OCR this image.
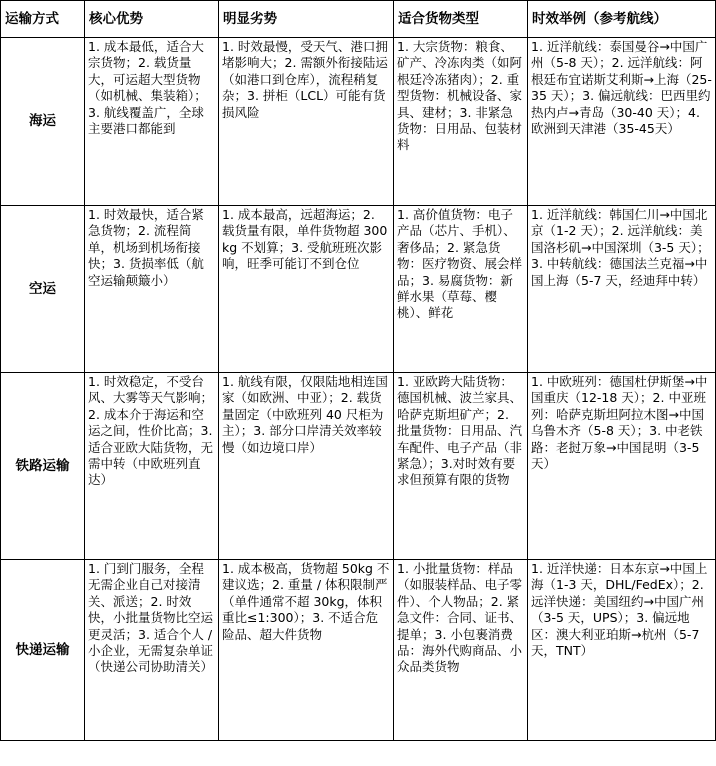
运输方式	核心优势	明显劣势	适合货物类型	时效举例（参考航线）
海运	1. 成本最低，适合大宗货物；2. 载货量大，可运超大型货物（如机械、集装箱）；3. 航线覆盖广，全球主要港口都能到	1. 时效最慢，受天气、港口拥堵影响大；2. 需额外衔接陆运（如港口到仓库），流程稍复杂；3. 拼柜（LCL）可能有货损风险	1. 大宗货物：粮食、矿产、冷冻肉类（如阿根廷冷冻猪肉）；2. 重型货物：机械设备、家具、建材；3. 非紧急货物：日用品、包装材料	1. 近洋航线：泰国曼谷→中国广州（5-8 天）；2. 远洋航线：阿根廷布宜诺斯艾利斯→上海（25-35 天）；3. 偏远航线：巴西里约热内卢→青岛（30-40 天）；4.欧洲到天津港（35-45天）
空运	1. 时效最快，适合紧急货物；2. 流程简单，机场到机场衔接快；3. 货损率低（航空运输颠簸小）	1. 成本最高，远超海运；2. 载货量有限，单件货物超 300kg 不划算；3. 受航班班次影响，旺季可能订不到仓位	1. 高价值货物：电子产品（芯片、手机）、奢侈品；2. 紧急货物：医疗物资、展会样品；3. 易腐货物：新鲜水果（草莓、樱桃）、鲜花	1. 近洋航线：韩国仁川→中国北京（1-2 天）；2. 远洋航线：美国洛杉矶→中国深圳（3-5 天）；3. 中转航线：德国法兰克福→中国上海（5-7 天，经迪拜中转）
铁路运输	1. 时效稳定，不受台风、大雾等天气影响；2. 成本介于海运和空运之间，性价比高；3. 适合亚欧大陆货物，无需中转（中欧班列直达）	1. 航线有限，仅限陆地相连国家（如欧洲、中亚）；2. 载货量固定（中欧班列 40 尺柜为主）；3. 部分口岸清关效率较慢（如边境口岸）	1. 亚欧跨大陆货物：德国机械、波兰家具、哈萨克斯坦矿产；2. 批量货物：日用品、汽车配件、电子产品（非紧急）；3.对时效有要求但预算有限的货物	1. 中欧班列：德国杜伊斯堡→中国重庆（12-18 天）；2. 中亚班列：哈萨克斯坦阿拉木图→中国乌鲁木齐（5-8 天）；3. 中老铁路：老挝万象→中国昆明（3-5 天）
快递运输	1. 门到门服务，全程无需企业自己对接清关、派送；2. 时效快，小批量货物比空运更灵活；3. 适合个人 / 小企业，无需复杂单证（快递公司协助清关）	1. 成本极高，货物超 50kg 不建议选；2. 重量 / 体积限制严（单件通常不超 30kg，体积重比≤1:300）；3. 不适合危险品、超大件货物	1. 小批量货物：样品（如服装样品、电子零件）、个人物品；2. 紧急文件：合同、证书、提单；3. 小包裹消费品：海外代购商品、小众品类货物	1. 近洋快递：日本东京→中国上海（1-3 天，DHL/FedEx）；2. 远洋快递：美国纽约→中国广州（3-5 天，UPS）；3. 偏远地区：澳大利亚珀斯→杭州（5-7 天，TNT）
